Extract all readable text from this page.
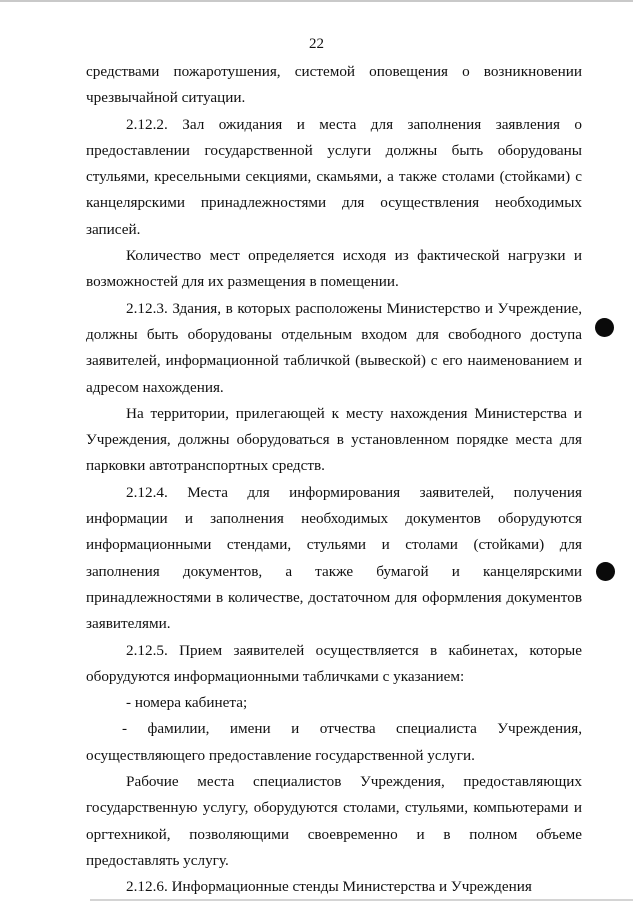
22

средствами пожаротушения, системой оповещения о возникновении чрезвычайной ситуации.

2.12.2. Зал ожидания и места для заполнения заявления о предоставлении государственной услуги должны быть оборудованы стульями, кресельными секциями, скамьями, а также столами (стойками) с канцелярскими принадлежностями для осуществления необходимых записей.

Количество мест определяется исходя из фактической нагрузки и возможностей для их размещения в помещении.

2.12.3. Здания, в которых расположены Министерство и Учреждение, должны быть оборудованы отдельным входом для свободного доступа заявителей, информационной табличкой (вывеской) с его наименованием и адресом нахождения.

На территории, прилегающей к месту нахождения Министерства и Учреждения, должны оборудоваться в установленном порядке места для парковки автотранспортных средств.

2.12.4. Места для информирования заявителей, получения информации и заполнения необходимых документов оборудуются информационными стендами, стульями и столами (стойками) для заполнения документов, а также бумагой и канцелярскими принадлежностями в количестве, достаточном для оформления документов заявителями.

2.12.5. Прием заявителей осуществляется в кабинетах, которые оборудуются информационными табличками с указанием:

- номера кабинета;

- фамилии, имени и отчества специалиста Учреждения, осуществляющего предоставление государственной услуги.

Рабочие места специалистов Учреждения, предоставляющих государственную услугу, оборудуются столами, стульями, компьютерами и оргтехникой, позволяющими своевременно и в полном объеме предоставлять услугу.

2.12.6. Информационные стенды Министерства и Учреждения
